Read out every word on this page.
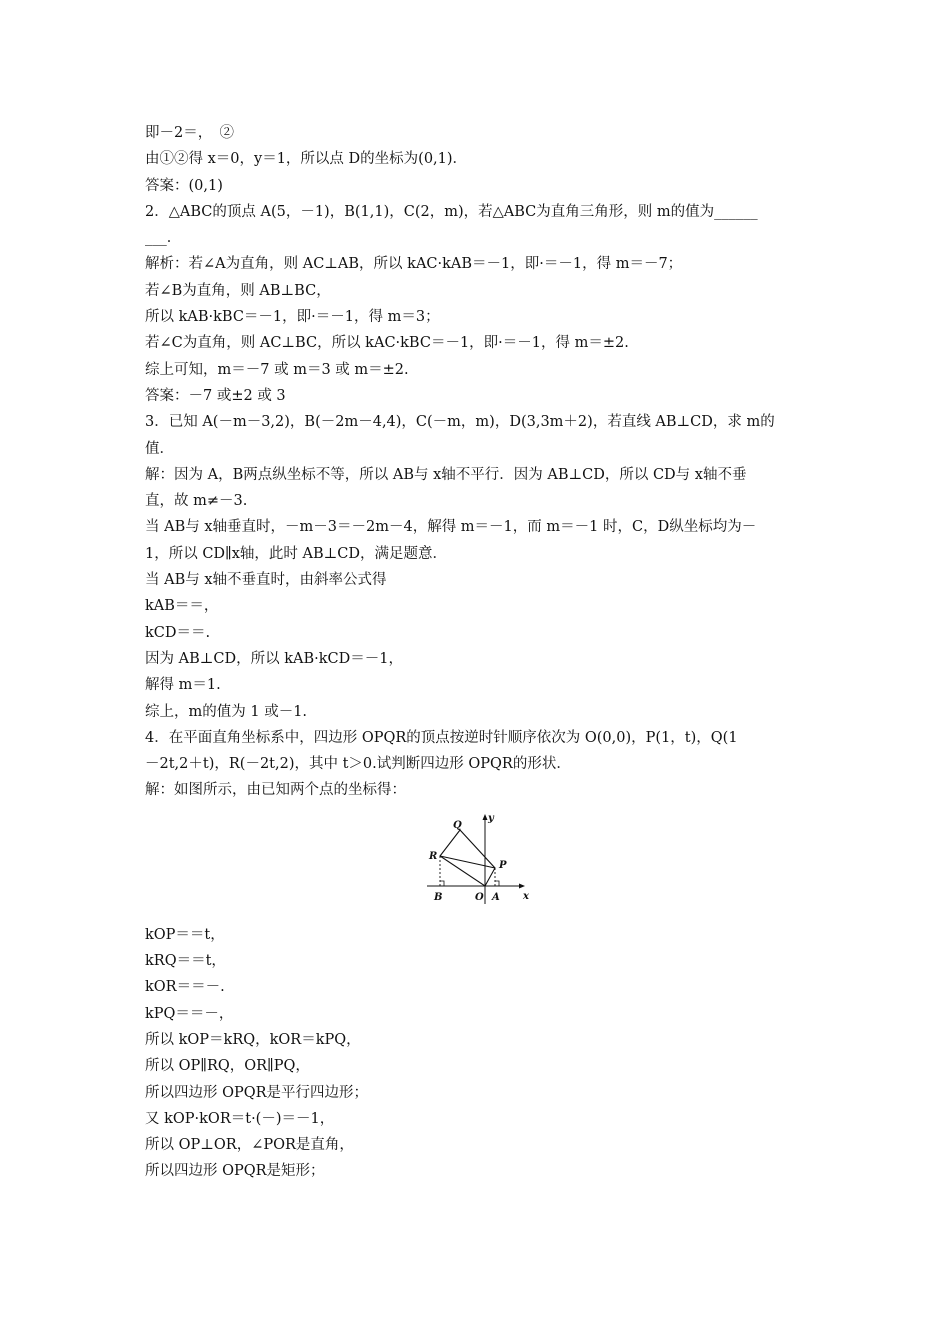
即－2＝，　②
由①②得 x＝0，y＝1，所以点 D的坐标为(0,1)．
答案：(0,1)
2．△ABC的顶点 A(5，－1)，B(1,1)，C(2，m)，若△ABC为直角三角形，则 m的值为______
___．
解析：若∠A为直角，则 AC⊥AB，所以 kAC·kAB＝－1，即·＝－1，得 m＝－7；
若∠B为直角，则 AB⊥BC，
所以 kAB·kBC＝－1，即·＝－1，得 m＝3；
若∠C为直角，则 AC⊥BC，所以 kAC·kBC＝－1，即·＝－1，得 m＝±2.
综上可知，m＝－7 或 m＝3 或 m＝±2.
答案：－7 或±2 或 3
3．已知 A(－m－3,2)，B(－2m－4,4)，C(－m，m)，D(3,3m＋2)，若直线 AB⊥CD，求 m的
值．
解：因为 A，B两点纵坐标不等，所以 AB与 x轴不平行．因为 AB⊥CD，所以 CD与 x轴不垂
直，故 m≠－3.
当 AB与 x轴垂直时，－m－3＝－2m－4，解得 m＝－1，而 m＝－1 时，C，D纵坐标均为－
1，所以 CD∥x轴，此时 AB⊥CD，满足题意．
当 AB与 x轴不垂直时，由斜率公式得
kAB＝＝，
kCD＝＝.
因为 AB⊥CD，所以 kAB·kCD＝－1，
解得 m＝1.
综上，m的值为 1 或－1.
4．在平面直角坐标系中，四边形 OPQR的顶点按逆时针顺序依次为 O(0,0)，P(1，t)，Q(1
－2t,2＋t)，R(－2t,2)，其中 t＞0.试判断四边形 OPQR的形状．
解：如图所示，由已知两个点的坐标得：
Q
y
R
P
B	O A x
kOP＝＝t，
kRQ＝＝t，
kOR＝＝－.
kPQ＝＝－，
所以 kOP＝kRQ，kOR＝kPQ，
所以 OP∥RQ，OR∥PQ，
所以四边形 OPQR是平行四边形；
又 kOP·kOR＝t·(－)＝－1，
所以 OP⊥OR，∠POR是直角，
所以四边形 OPQR是矩形；
